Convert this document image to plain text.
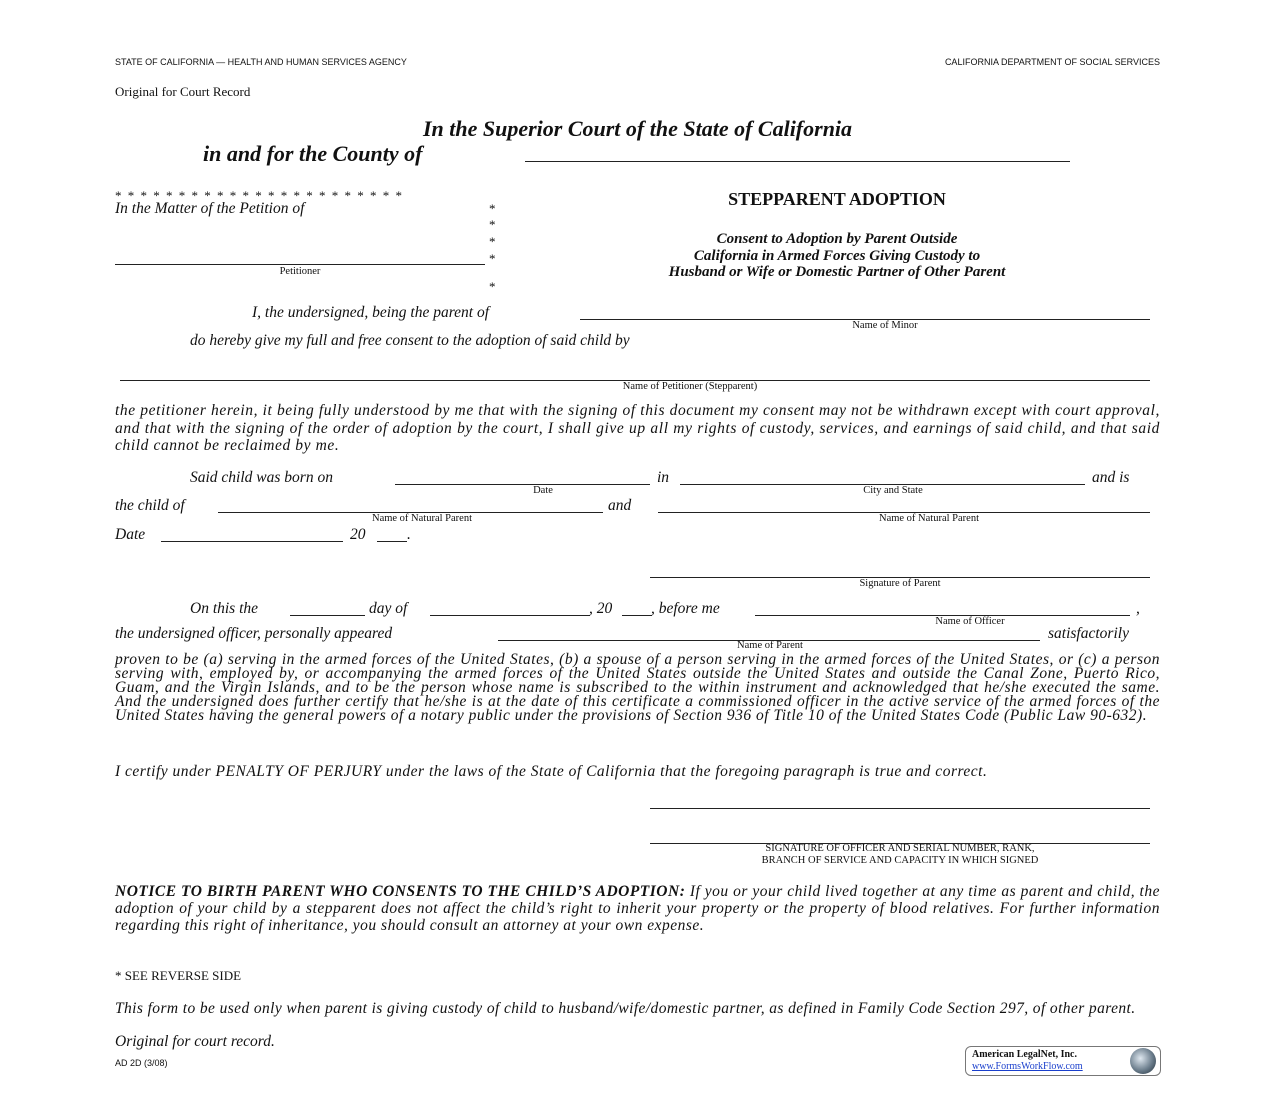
STATE OF CALIFORNIA — HEALTH AND HUMAN SERVICES AGENCY	CALIFORNIA DEPARTMENT OF SOCIAL SERVICES
Original for Court Record
In the Superior Court of the State of California
in and for the County of
* * * * * * * * * * * * * * * * * * * * * * *
In the Matter of the Petition of	*
*
*
*
*
Petitioner
STEPPARENT ADOPTION
Consent to Adoption by Parent Outside
California in Armed Forces Giving Custody to
Husband or Wife or Domestic Partner of Other Parent
I, the undersigned, being the parent of
Name of Minor
do hereby give my full and free consent to the adoption of said child by
Name of Petitioner (Stepparent)
the petitioner herein, it being fully understood by me that with the signing of this document my consent may not be withdrawn except with court approval, and that with the signing of the order of adoption by the court, I shall give up all my rights of custody, services, and earnings of said child, and that said child cannot be reclaimed by me.
Said child was born on
Date
in
City and State
and is
the child of
Name of Natural Parent
and
Name of Natural Parent
Date	20	.
Signature of Parent
On this the	day of	, 20	, before me	,
Name of Officer
the undersigned officer, personally appeared	satisfactorily
Name of Parent
proven to be (a) serving in the armed forces of the United States, (b) a spouse of a person serving in the armed forces of the United States, or (c) a person serving with, employed by, or accompanying the armed forces of the United States outside the United States and outside the Canal Zone, Puerto Rico, Guam, and the Virgin Islands, and to be the person whose name is subscribed to the within instrument and acknowledged that he/she executed the same. And the undersigned does further certify that he/she is at the date of this certificate a commissioned officer in the active service of the armed forces of the United States having the general powers of a notary public under the provisions of Section 936 of Title 10 of the United States Code (Public Law 90-632).
I certify under PENALTY OF PERJURY under the laws of the State of California that the foregoing paragraph is true and correct.
SIGNATURE OF OFFICER AND SERIAL NUMBER, RANK,
BRANCH OF SERVICE AND CAPACITY IN WHICH SIGNED
NOTICE TO BIRTH PARENT WHO CONSENTS TO THE CHILD’S ADOPTION: If you or your child lived together at any time as parent and child, the adoption of your child by a stepparent does not affect the child’s right to inherit your property or the property of blood relatives. For further information regarding this right of inheritance, you should consult an attorney at your own expense.
* SEE REVERSE SIDE
This form to be used only when parent is giving custody of child to husband/wife/domestic partner, as defined in Family Code Section 297, of other parent.
Original for court record.
AD 2D (3/08)
American LegalNet, Inc.
www.FormsWorkFlow.com
